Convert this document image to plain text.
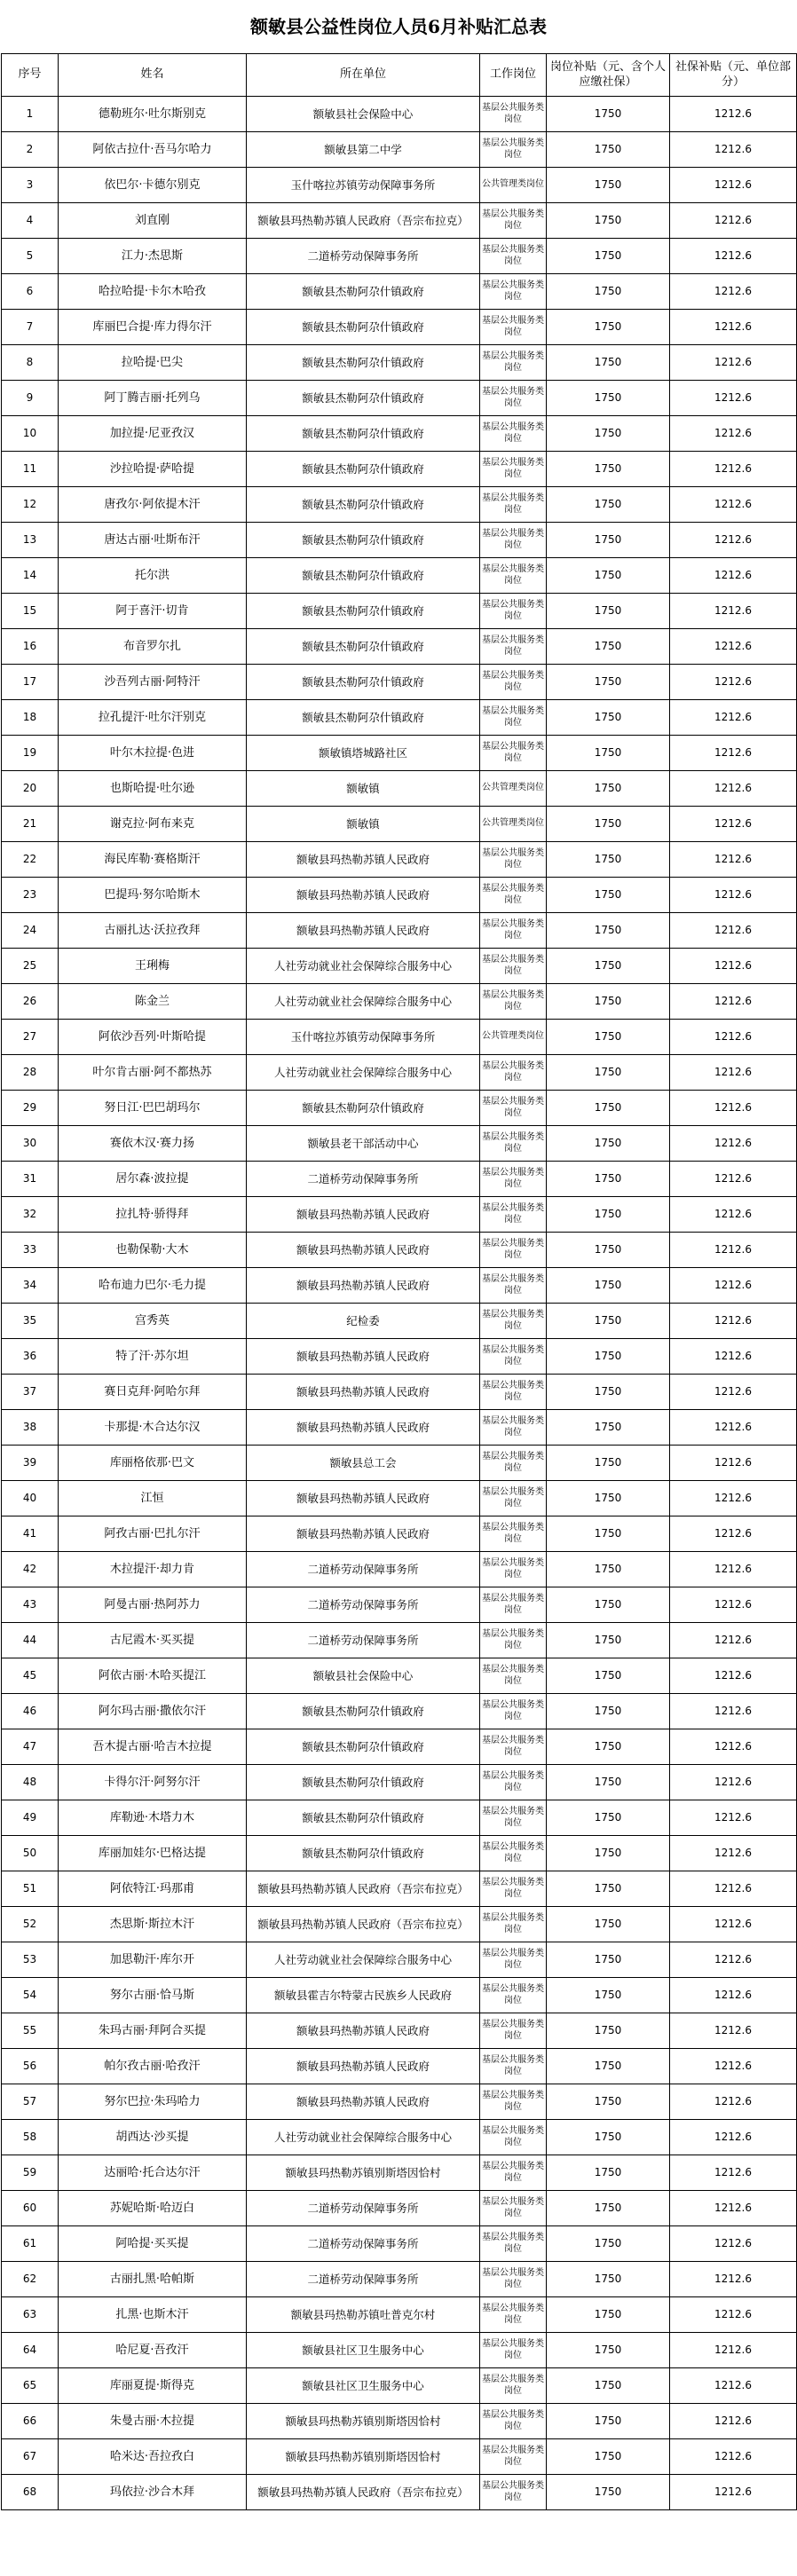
额敏县公益性岗位人员6月补贴汇总表
序号	姓名	所在单位	工作岗位	岗位补贴（元、含个人应缴社保）	社保补贴（元、单位部分）
1	德勒班尔·吐尔斯别克	额敏县社会保险中心	基层公共服务类岗位	1750	1212.6
2	阿依古拉什·吾马尔哈力	额敏县第二中学	基层公共服务类岗位	1750	1212.6
3	依巴尔·卡德尔别克	玉什喀拉苏镇劳动保障事务所	公共管理类岗位	1750	1212.6
4	刘直刚	额敏县玛热勒苏镇人民政府（吾宗布拉克）	基层公共服务类岗位	1750	1212.6
5	江力·杰思斯	二道桥劳动保障事务所	基层公共服务类岗位	1750	1212.6
6	哈拉哈提·卡尔木哈孜	额敏县杰勒阿尕什镇政府	基层公共服务类岗位	1750	1212.6
7	库丽巴合提·库力得尔汗	额敏县杰勒阿尕什镇政府	基层公共服务类岗位	1750	1212.6
8	拉哈提·巴尖	额敏县杰勒阿尕什镇政府	基层公共服务类岗位	1750	1212.6
9	阿丁腾吉丽·托列乌	额敏县杰勒阿尕什镇政府	基层公共服务类岗位	1750	1212.6
10	加拉提·尼亚孜汉	额敏县杰勒阿尕什镇政府	基层公共服务类岗位	1750	1212.6
11	沙拉哈提·萨哈提	额敏县杰勒阿尕什镇政府	基层公共服务类岗位	1750	1212.6
12	唐孜尔·阿依提木汗	额敏县杰勒阿尕什镇政府	基层公共服务类岗位	1750	1212.6
13	唐达古丽·吐斯布汗	额敏县杰勒阿尕什镇政府	基层公共服务类岗位	1750	1212.6
14	托尔洪	额敏县杰勒阿尕什镇政府	基层公共服务类岗位	1750	1212.6
15	阿于喜汗·切肯	额敏县杰勒阿尕什镇政府	基层公共服务类岗位	1750	1212.6
16	布音罗尔扎	额敏县杰勒阿尕什镇政府	基层公共服务类岗位	1750	1212.6
17	沙吾列古丽·阿特汗	额敏县杰勒阿尕什镇政府	基层公共服务类岗位	1750	1212.6
18	拉孔提汗·吐尔汗别克	额敏县杰勒阿尕什镇政府	基层公共服务类岗位	1750	1212.6
19	叶尔木拉提·色进	额敏镇塔城路社区	基层公共服务类岗位	1750	1212.6
20	也斯哈提·吐尔逊	额敏镇	公共管理类岗位	1750	1212.6
21	谢克拉·阿布来克	额敏镇	公共管理类岗位	1750	1212.6
22	海民库勒·赛格斯汗	额敏县玛热勒苏镇人民政府	基层公共服务类岗位	1750	1212.6
23	巴提玛·努尔哈斯木	额敏县玛热勒苏镇人民政府	基层公共服务类岗位	1750	1212.6
24	古丽扎达·沃拉孜拜	额敏县玛热勒苏镇人民政府	基层公共服务类岗位	1750	1212.6
25	王琍梅	人社劳动就业社会保障综合服务中心	基层公共服务类岗位	1750	1212.6
26	陈金兰	人社劳动就业社会保障综合服务中心	基层公共服务类岗位	1750	1212.6
27	阿依沙吾列·叶斯哈提	玉什喀拉苏镇劳动保障事务所	公共管理类岗位	1750	1212.6
28	叶尔肯古丽·阿不都热苏	人社劳动就业社会保障综合服务中心	基层公共服务类岗位	1750	1212.6
29	努日江·巴巴胡玛尔	额敏县杰勒阿尕什镇政府	基层公共服务类岗位	1750	1212.6
30	赛依木汉·赛力扬	额敏县老干部活动中心	基层公共服务类岗位	1750	1212.6
31	居尔森·波拉提	二道桥劳动保障事务所	基层公共服务类岗位	1750	1212.6
32	拉扎特·骄得拜	额敏县玛热勒苏镇人民政府	基层公共服务类岗位	1750	1212.6
33	也勒保勒·大木	额敏县玛热勒苏镇人民政府	基层公共服务类岗位	1750	1212.6
34	哈布迪力巴尔·毛力提	额敏县玛热勒苏镇人民政府	基层公共服务类岗位	1750	1212.6
35	宫秀英	纪检委	基层公共服务类岗位	1750	1212.6
36	特了汗·苏尔坦	额敏县玛热勒苏镇人民政府	基层公共服务类岗位	1750	1212.6
37	赛日克拜·阿哈尔拜	额敏县玛热勒苏镇人民政府	基层公共服务类岗位	1750	1212.6
38	卡那提·木合达尔汉	额敏县玛热勒苏镇人民政府	基层公共服务类岗位	1750	1212.6
39	库丽格依那·巴文	额敏县总工会	基层公共服务类岗位	1750	1212.6
40	江恒	额敏县玛热勒苏镇人民政府	基层公共服务类岗位	1750	1212.6
41	阿孜古丽·巴扎尔汗	额敏县玛热勒苏镇人民政府	基层公共服务类岗位	1750	1212.6
42	木拉提汗·却力肯	二道桥劳动保障事务所	基层公共服务类岗位	1750	1212.6
43	阿曼古丽·热阿苏力	二道桥劳动保障事务所	基层公共服务类岗位	1750	1212.6
44	古尼霞木·买买提	二道桥劳动保障事务所	基层公共服务类岗位	1750	1212.6
45	阿依古丽·木哈买提江	额敏县社会保险中心	基层公共服务类岗位	1750	1212.6
46	阿尔玛古丽·撒依尔汗	额敏县杰勒阿尕什镇政府	基层公共服务类岗位	1750	1212.6
47	吾木提古丽·哈吉木拉提	额敏县杰勒阿尕什镇政府	基层公共服务类岗位	1750	1212.6
48	卡得尔汗·阿努尔汗	额敏县杰勒阿尕什镇政府	基层公共服务类岗位	1750	1212.6
49	库勒逊·木塔力木	额敏县杰勒阿尕什镇政府	基层公共服务类岗位	1750	1212.6
50	库丽加娃尔·巴格达提	额敏县杰勒阿尕什镇政府	基层公共服务类岗位	1750	1212.6
51	阿依特江·玛那甫	额敏县玛热勒苏镇人民政府（吾宗布拉克）	基层公共服务类岗位	1750	1212.6
52	杰思斯·斯拉木汗	额敏县玛热勒苏镇人民政府（吾宗布拉克）	基层公共服务类岗位	1750	1212.6
53	加思勒汗·库尔开	人社劳动就业社会保障综合服务中心	基层公共服务类岗位	1750	1212.6
54	努尔古丽·恰马斯	额敏县霍吉尔特蒙古民族乡人民政府	基层公共服务类岗位	1750	1212.6
55	朱玛古丽·拜阿合买提	额敏县玛热勒苏镇人民政府	基层公共服务类岗位	1750	1212.6
56	帕尔孜古丽·哈孜汗	额敏县玛热勒苏镇人民政府	基层公共服务类岗位	1750	1212.6
57	努尔巴拉·朱玛哈力	额敏县玛热勒苏镇人民政府	基层公共服务类岗位	1750	1212.6
58	胡西达·沙买提	人社劳动就业社会保障综合服务中心	基层公共服务类岗位	1750	1212.6
59	达丽哈·托合达尔汗	额敏县玛热勒苏镇别斯塔因恰村	基层公共服务类岗位	1750	1212.6
60	苏妮哈斯·哈迈白	二道桥劳动保障事务所	基层公共服务类岗位	1750	1212.6
61	阿哈提·买买提	二道桥劳动保障事务所	基层公共服务类岗位	1750	1212.6
62	古丽扎黑·哈帕斯	二道桥劳动保障事务所	基层公共服务类岗位	1750	1212.6
63	扎黑·也斯木汗	额敏县玛热勒苏镇吐普克尔村	基层公共服务类岗位	1750	1212.6
64	哈尼夏·吾孜汗	额敏县社区卫生服务中心	基层公共服务类岗位	1750	1212.6
65	库丽夏提·斯得克	额敏县社区卫生服务中心	基层公共服务类岗位	1750	1212.6
66	朱曼古丽·木拉提	额敏县玛热勒苏镇别斯塔因恰村	基层公共服务类岗位	1750	1212.6
67	哈米达·吾拉孜白	额敏县玛热勒苏镇别斯塔因恰村	基层公共服务类岗位	1750	1212.6
68	玛依拉·沙合木拜	额敏县玛热勒苏镇人民政府（吾宗布拉克）	基层公共服务类岗位	1750	1212.6
